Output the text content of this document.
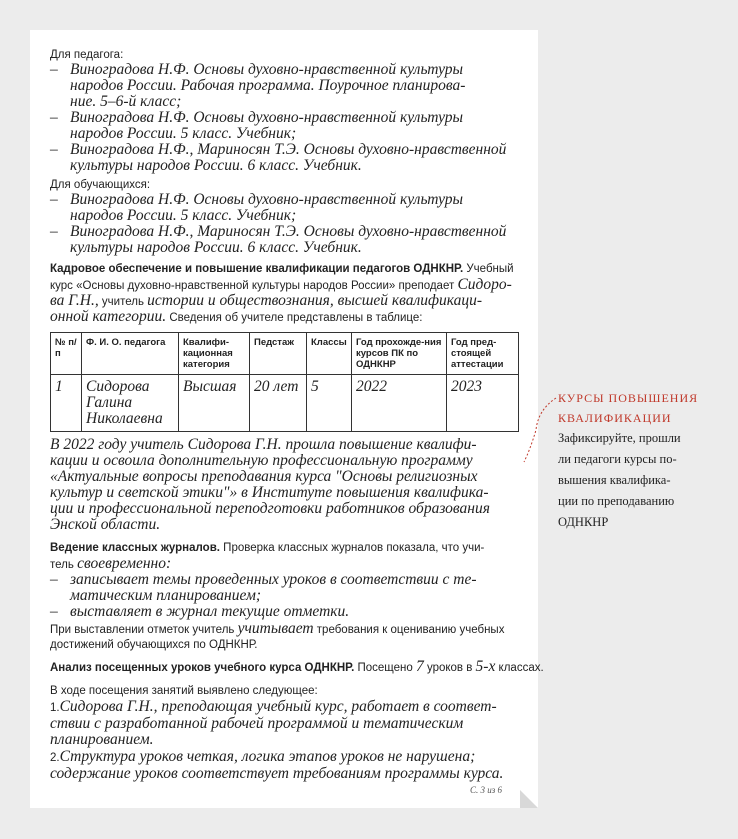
Для педагога:
– Виноградова Н.Ф. Основы духовно-нравственной культуры
народов России. Рабочая программа. Поурочное планирова-
ние. 5–6-й класс;
– Виноградова Н.Ф. Основы духовно-нравственной культуры
народов России. 5 класс. Учебник;
– Виноградова Н.Ф., Мариносян Т.Э. Основы духовно-нравственной
культуры народов России. 6 класс. Учебник.
Для обучающихся:
– Виноградова Н.Ф. Основы духовно-нравственной культуры
народов России. 5 класс. Учебник;
– Виноградова Н.Ф., Мариносян Т.Э. Основы духовно-нравственной
культуры народов России. 6 класс. Учебник.
Кадровое обеспечение и повышение квалификации педагогов ОДНКНР. Учебный
курс «Основы духовно-нравственной культуры народов России» преподает Сидоро-
ва Г.Н., учитель истории и обществознания, высшей квалификаци-
онной категории. Сведения об учителе представлены в таблице:
№ п/п	Ф. И. О. педагога	Квалифи-кационная категория	Педстаж	Классы	Год прохожде-ния курсов ПК по ОДНКНР	Год пред-стоящей аттестации
1	Сидорова Галина Николаевна	Высшая	20 лет	5	2022	2023
В 2022 году учитель Сидорова Г.Н. прошла повышение квалифи-
кации и освоила дополнительную профессиональную программу
«Актуальные вопросы преподавания курса "Основы религиозных
культур и светской этики"» в Институте повышения квалифика-
ции и профессиональной переподготовки работников образования
Энской области.
Ведение классных журналов. Проверка классных журналов показала, что учи-
тель своевременно:
– записывает темы проведенных уроков в соответствии с те-
матическим планированием;
– выставляет в журнал текущие отметки.
При выставлении отметок учитель учитывает требования к оцениванию учебных
достижений обучающихся по ОДНКНР.
Анализ посещенных уроков учебного курса ОДНКНР. Посещено 7 уроков в 5-х классах.
В ходе посещения занятий выявлено следующее:
1.Сидорова Г.Н., преподающая учебный курс, работает в соответ-
ствии с разработанной рабочей программой и тематическим
планированием.
2.Структура уроков четкая, логика этапов уроков не нарушена;
содержание уроков соответствует требованиям программы курса.
С. 3 из 6
КУРСЫ ПОВЫШЕНИЯ
КВАЛИФИКАЦИИ
Зафиксируйте, прошли
ли педагоги курсы по-
вышения квалифика-
ции по преподаванию
ОДНКНР
